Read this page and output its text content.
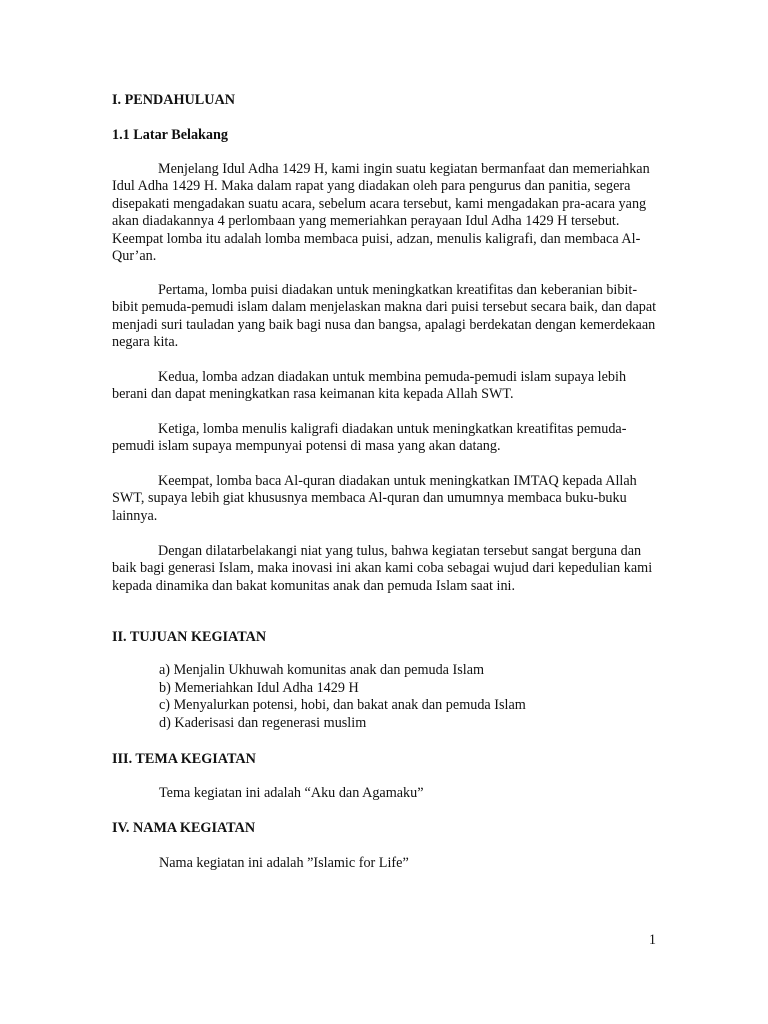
I. PENDAHULUAN
1.1 Latar Belakang

Menjelang Idul Adha 1429 H, kami ingin suatu kegiatan bermanfaat dan memeriahkan Idul Adha 1429 H. Maka dalam rapat yang diadakan oleh para pengurus dan panitia, segera disepakati mengadakan suatu acara, sebelum acara tersebut, kami mengadakan pra-acara yang akan diadakannya 4 perlombaan yang memeriahkan perayaan Idul Adha 1429 H tersebut. Keempat lomba itu adalah lomba membaca puisi, adzan, menulis kaligrafi, dan membaca Al-Qur’an.

Pertama, lomba puisi diadakan untuk meningkatkan kreatifitas dan keberanian bibit-bibit pemuda-pemudi islam dalam menjelaskan makna dari puisi tersebut secara baik, dan dapat menjadi suri tauladan yang baik bagi nusa dan bangsa, apalagi berdekatan dengan kemerdekaan negara kita.

Kedua, lomba adzan diadakan untuk membina pemuda-pemudi islam supaya lebih berani dan dapat meningkatkan rasa keimanan kita kepada Allah SWT.

Ketiga, lomba menulis kaligrafi diadakan untuk meningkatkan kreatifitas pemuda-pemudi islam supaya mempunyai potensi di masa yang akan datang.

Keempat, lomba baca Al-quran diadakan untuk meningkatkan IMTAQ kepada Allah SWT, supaya lebih giat khususnya membaca Al-quran dan umumnya membaca buku-buku lainnya.

Dengan dilatarbelakangi niat yang tulus, bahwa kegiatan tersebut sangat berguna dan baik bagi generasi Islam, maka inovasi ini akan kami coba sebagai wujud dari kepedulian kami kepada dinamika dan bakat komunitas anak dan pemuda Islam saat ini.

II. TUJUAN KEGIATAN
a) Menjalin Ukhuwah komunitas anak dan pemuda Islam
b) Memeriahkan Idul Adha 1429 H
c) Menyalurkan potensi, hobi, dan bakat anak dan pemuda Islam
d) Kaderisasi dan regenerasi muslim
III. TEMA KEGIATAN

Tema kegiatan ini adalah “Aku dan Agamaku”

IV. NAMA KEGIATAN

Nama kegiatan ini adalah ”Islamic for Life”

1
